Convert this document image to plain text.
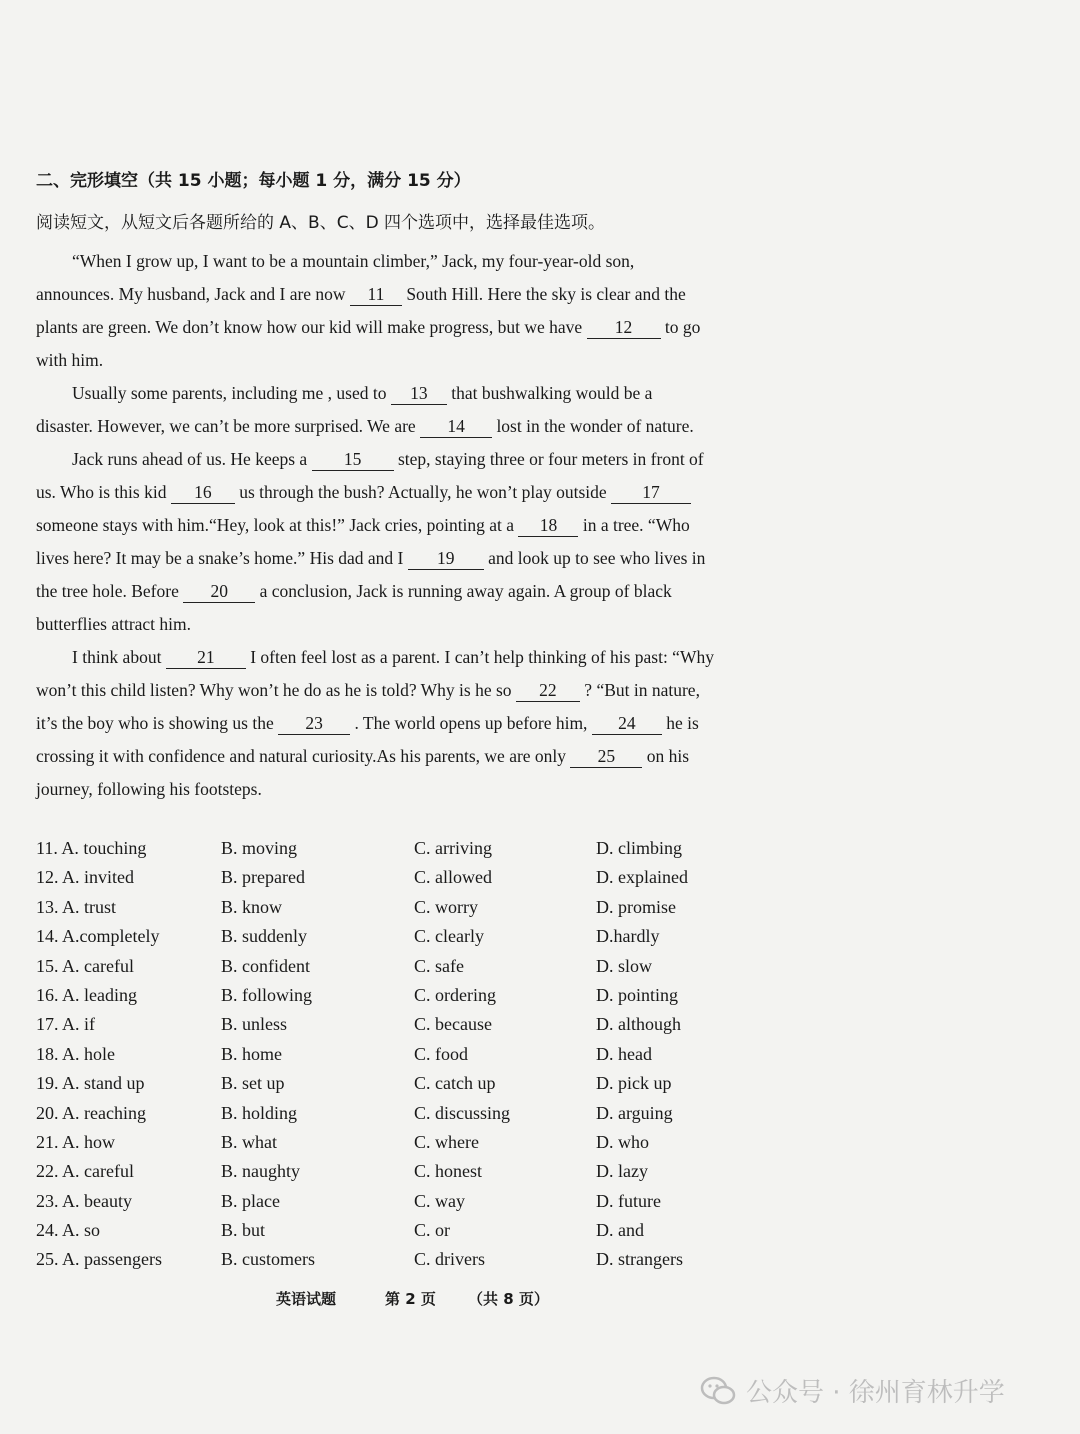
二、完形填空（共 15 小题；每小题 1 分，满分 15 分）
阅读短文，从短文后各题所给的 A、B、C、D 四个选项中，选择最佳选项。
“When I grow up, I want to be a mountain climber,” Jack, my four-year-old son,
announces. My husband, Jack and I are now 11 South Hill. Here the sky is clear and the
plants are green. We don’t know how our kid will make progress, but we have 12 to go
with him.
Usually some parents, including me , used to 13 that bushwalking would be a
disaster. However, we can’t be more surprised. We are 14 lost in the wonder of nature.
Jack runs ahead of us. He keeps a 15 step, staying three or four meters in front of
us. Who is this kid 16 us through the bush? Actually, he won’t play outside 17
someone stays with him.“Hey, look at this!” Jack cries, pointing at a 18 in a tree. “Who
lives here? It may be a snake’s home.” His dad and I 19 and look up to see who lives in
the tree hole. Before 20 a conclusion, Jack is running away again. A group of black
butterflies attract him.
I think about 21 I often feel lost as a parent. I can’t help thinking of his past: “Why
won’t this child listen? Why won’t he do as he is told? Why is he so 22 ? “But in nature,
it’s the boy who is showing us the 23 . The world opens up before him, 24 he is
crossing it with confidence and natural curiosity.As his parents, we are only 25 on his
journey, following his footsteps.
11. A. touching	B. moving	C. arriving	D. climbing
12. A. invited	B. prepared	C. allowed	D. explained
13. A. trust	B. know	C. worry	D. promise
14. A.completely	B. suddenly	C. clearly	D.hardly
15. A. careful	B. confident	C. safe	D. slow
16. A. leading	B. following	C. ordering	D. pointing
17. A. if	B. unless	C. because	D. although
18. A. hole	B. home	C. food	D. head
19. A. stand up	B. set up	C. catch up	D. pick up
20. A. reaching	B. holding	C. discussing	D. arguing
21. A. how	B. what	C. where	D. who
22. A. careful	B. naughty	C. honest	D. lazy
23. A. beauty	B. place	C. way	D. future
24. A. so	B. but	C. or	D. and
25. A. passengers	B. customers	C. drivers	D. strangers
英语试题	第 2 页 （共 8 页）
公众号 · 徐州育林升学
